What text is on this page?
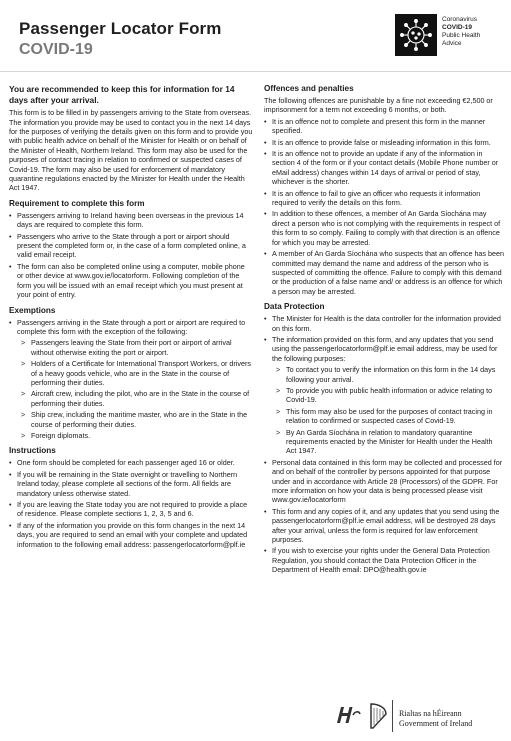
Passenger Locator Form
COVID-19
Coronavirus
COVID-19
Public Health
Advice
You are recommended to keep this for information for 14 days after your arrival.

This form is to be filled in by passengers arriving to the State from overseas. The information you provide may be used to contact you in the next 14 days for the purposes of verifying the details given on this form and to provide you with public health advice on behalf of the Minister for Health or on behalf of the Minister of Health, Northern Ireland. This form may also be used for the purposes of contact tracing in relation to confirmed or suspected cases of Covid-19. The form may also be used for enforcement of mandatory quarantine regulations enacted by the Minister for Health under the Health Act 1947.

Requirement to complete this form
• Passengers arriving to Ireland having been overseas in the previous 14 days are required to complete this form.
• Passengers who arrive to the State through a port or airport should present the completed form or, in the case of a form completed online, a valid email receipt.
• The form can also be completed online using a computer, mobile phone or other device at www.gov.ie/locatorform. Following completion of the form you will be issued with an email receipt which you must present at your point of entry.
Exemptions
• Passengers arriving in the State through a port or airport are required to complete this form with the exception of the following:
> Passengers leaving the State from their port or airport of arrival without otherwise exiting the port or airport.
> Holders of a Certificate for International Transport Workers, or drivers of a heavy goods vehicle, who are in the State in the course of performing their duties.
> Aircraft crew, including the pilot, who are in the State in the course of performing their duties.
> Ship crew, including the maritime master, who are in the State in the course of performing their duties.
> Foreign diplomats.
Instructions
• One form should be completed for each passenger aged 16 or older.
• If you will be remaining in the State overnight or travelling to Northern Ireland today, please complete all sections of the form. All fields are mandatory unless otherwise stated.
• If you are leaving the State today you are not required to provide a place of residence. Please complete sections 1, 2, 3, 5 and 6.
• If any of the information you provide on this form changes in the next 14 days, you are required to send an email with your complete and updated information to the following email address: passengerlocatorform@plf.ie
Offences and penalties

The following offences are punishable by a fine not exceeding €2,500 or imprisonment for a term not exceeding 6 months, or both.

• It is an offence not to complete and present this form in the manner specified.
• It is an offence to provide false or misleading information in this form.
• It is an offence not to provide an update if any of the information in section 4 of the form or if your contact details (Mobile Phone number or eMail address) changes within 14 days of arrival or period of stay, whichever is the shorter.
• It is an offence to fail to give an officer who requests it information required to verify the details on this form.
• In addition to these offences, a member of An Garda Síochána may direct a person who is not complying with the requirements in respect of this form to so comply. Failing to comply with that direction is an offence for which you may be arrested.
• A member of An Garda Síochána who suspects that an offence has been committed may demand the name and address of the person who is suspected of committing the offence. Failure to comply with this demand or the production of a false name and/ or address is an offence for which a person may be arrested.
Data Protection
• The Minister for Health is the data controller for the information provided on this form.
• The information provided on this form, and any updates that you send using the passengerlocatorform@plf.ie email address, may be used for the following purposes:
> To contact you to verify the information on this form in the 14 days following your arrival.
> To provide you with public health information or advice relating to Covid-19.
> This form may also be used for the purposes of contact tracing in relation to confirmed or suspected cases of Covid-19.
> By An Garda Síochána in relation to mandatory quarantine requirements enacted by the Minister for Health under the Health Act 1947.
• Personal data contained in this form may be collected and processed for and on behalf of the controller by persons appointed for that purpose under and in accordance with Article 28 (Processors) of the GDPR. For more information on how your data is being processed please visit www.gov.ie/locatorform
• This form and any copies of it, and any updates that you send using the passengerlocatorform@plf.ie email address, will be destroyed 28 days after your arrival, unless the form is required for law enforcement purposes.
• If you wish to exercise your rights under the General Data Protection Regulation, you should contact the Data Protection Officer in the Department of Health email: DPO@health.gov.ie
Rialtas na hÉireann
Government of Ireland
